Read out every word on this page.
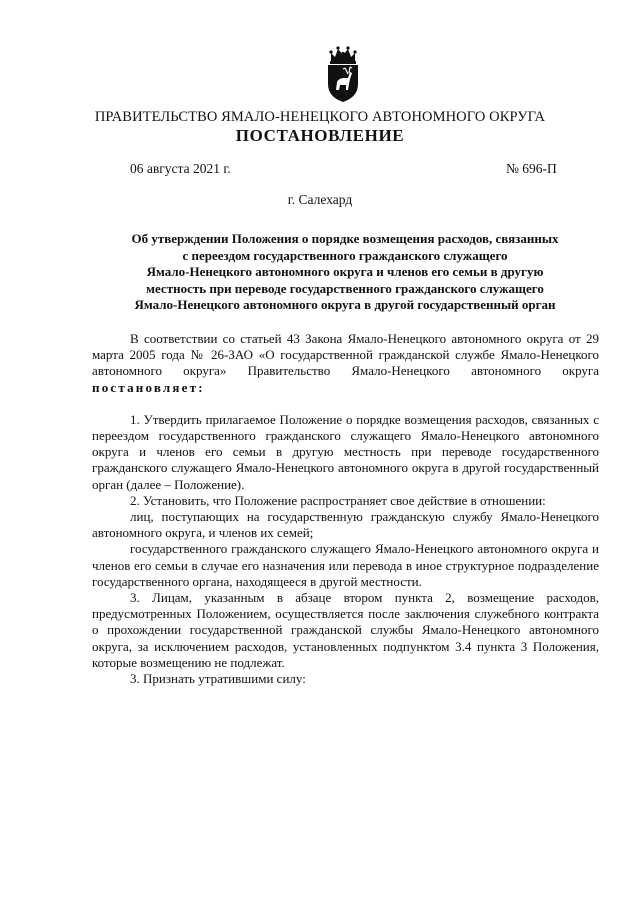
ПРАВИТЕЛЬСТВО ЯМАЛО-НЕНЕЦКОГО АВТОНОМНОГО ОКРУГА
ПОСТАНОВЛЕНИЕ
06 августа 2021 г.	№ 696-П
г. Салехард
Об утверждении Положения о порядке возмещения расходов, связанных
с переездом государственного гражданского служащего
Ямало-Ненецкого автономного округа и членов его семьи в другую
местность при переводе государственного гражданского служащего
Ямало-Ненецкого автономного округа в другой государственный орган

В соответствии со статьей 43 Закона Ямало-Ненецкого автономного округа от 29 марта 2005 года № 26-ЗАО «О государственной гражданской службе Ямало-Ненецкого автономного округа» Правительство Ямало-Ненецкого автономного округа постановляет:

1. Утвердить прилагаемое Положение о порядке возмещения расходов, связанных с переездом государственного гражданского служащего Ямало-Ненецкого автономного округа и членов его семьи в другую местность при переводе государственного гражданского служащего Ямало-Ненецкого автономного округа в другой государственный орган (далее – Положение).

2. Установить, что Положение распространяет свое действие в отношении:

лиц, поступающих на государственную гражданскую службу Ямало-Ненецкого автономного округа, и членов их семей;

государственного гражданского служащего Ямало-Ненецкого автономного округа и членов его семьи в случае его назначения или перевода в иное структурное подразделение государственного органа, находящееся в другой местности.

3. Лицам, указанным в абзаце втором пункта 2, возмещение расходов, предусмотренных Положением, осуществляется после заключения служебного контракта о прохождении государственной гражданской службы Ямало-Ненецкого автономного округа, за исключением расходов, установленных подпунктом 3.4 пункта 3 Положения, которые возмещению не подлежат.

3. Признать утратившими силу:
